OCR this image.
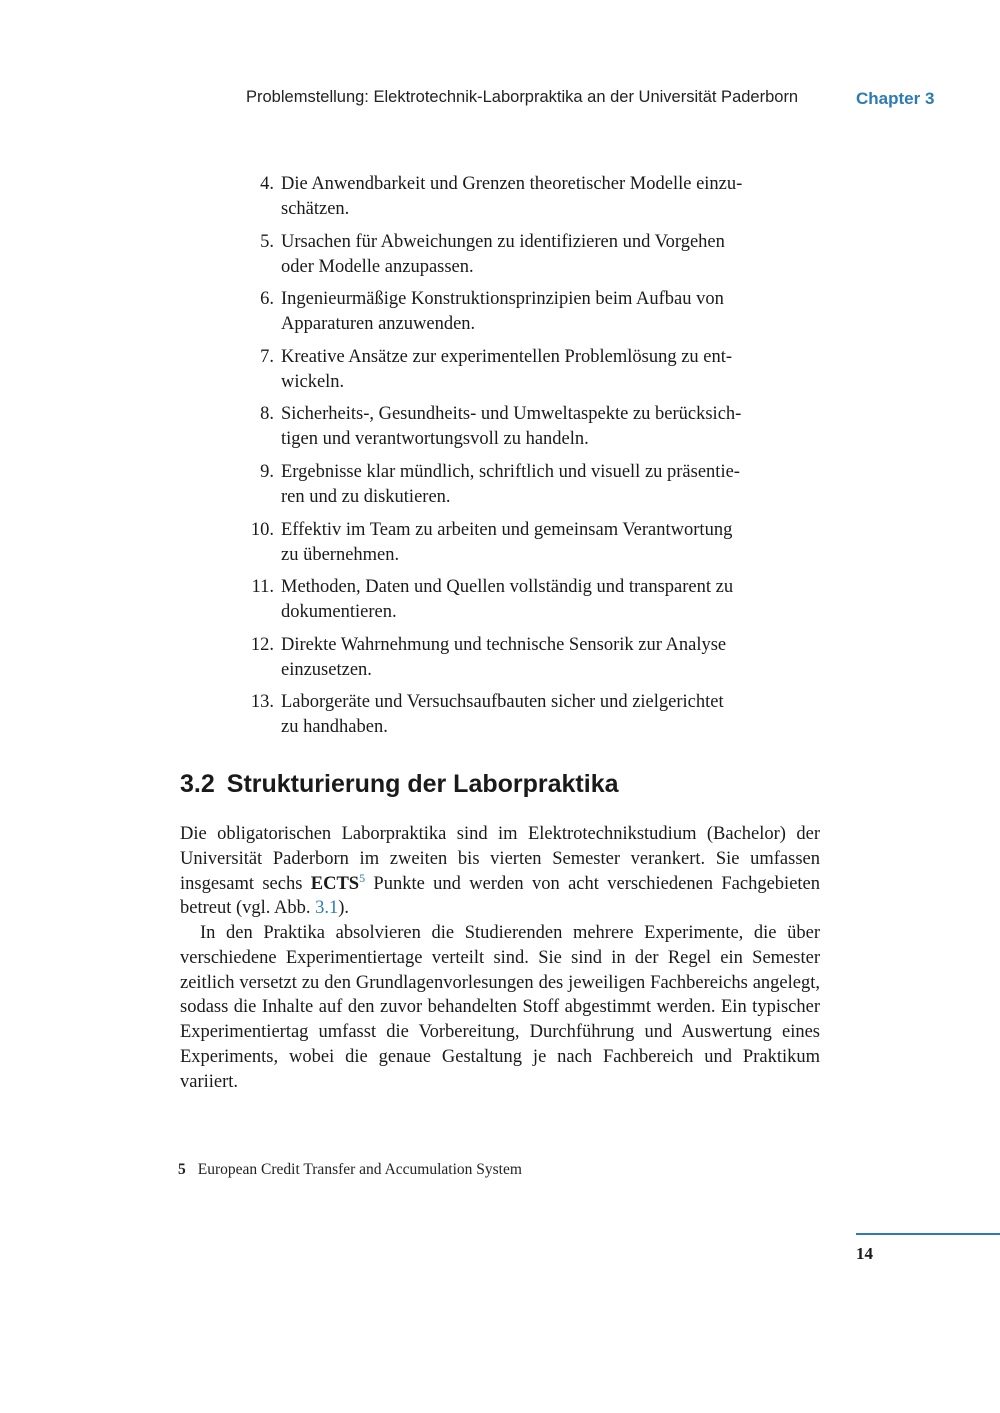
Problemstellung: Elektrotechnik-Laborpraktika an der Universität Paderborn	Chapter 3
4. Die Anwendbarkeit und Grenzen theoretischer Modelle einzu-
schätzen.
5. Ursachen für Abweichungen zu identifizieren und Vorgehen
oder Modelle anzupassen.
6. Ingenieurmäßige Konstruktionsprinzipien beim Aufbau von
Apparaturen anzuwenden.
7. Kreative Ansätze zur experimentellen Problemlösung zu ent-
wickeln.
8. Sicherheits-, Gesundheits- und Umweltaspekte zu berücksich-
tigen und verantwortungsvoll zu handeln.
9. Ergebnisse klar mündlich, schriftlich und visuell zu präsentie-
ren und zu diskutieren.
10. Effektiv im Team zu arbeiten und gemeinsam Verantwortung
zu übernehmen.
11. Methoden, Daten und Quellen vollständig und transparent zu
dokumentieren.
12. Direkte Wahrnehmung und technische Sensorik zur Analyse
einzusetzen.
13. Laborgeräte und Versuchsaufbauten sicher und zielgerichtet
zu handhaben.
3.2 Strukturierung der Laborpraktika

Die obligatorischen Laborpraktika sind im Elektrotechnikstudium (Bachelor) der Universität Paderborn im zweiten bis vierten Semester verankert. Sie umfassen insgesamt sechs ECTS$^5$ Punkte und werden von acht verschiedenen Fachgebieten betreut (vgl. Abb. 3.1).

In den Praktika absolvieren die Studierenden mehrere Experimente, die über verschiedene Experimentiertage verteilt sind. Sie sind in der Regel ein Semester zeitlich versetzt zu den Grundlagenvorlesungen des jeweiligen Fachbereichs angelegt, sodass die Inhalte auf den zuvor behandelten Stoff abgestimmt werden. Ein typischer Experimentiertag umfasst die Vorbereitung, Durchführung und Auswertung eines Experiments, wobei die genaue Gestaltung je nach Fachbereich und Praktikum variiert.

5 European Credit Transfer and Accumulation System
14
